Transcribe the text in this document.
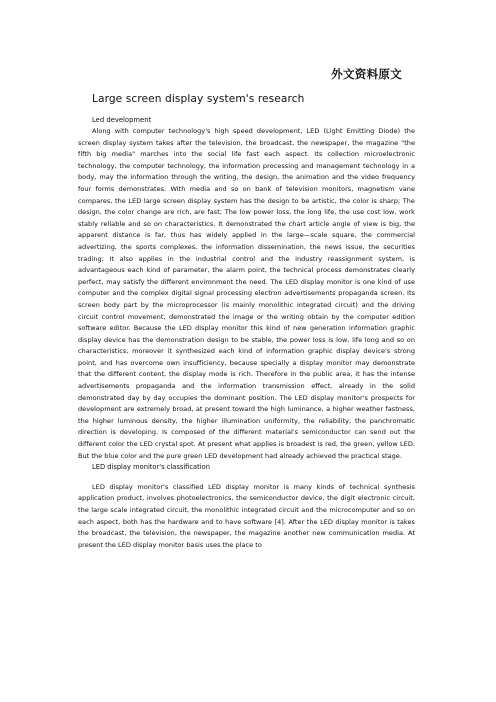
外文资料原文
Large screen display system's research
Led development

Along with computer technology's high speed development, LED (Light Emitting Diode) the screen display system takes after the television, the broadcast, the newspaper, the magazine "the fifth big media" marches into the social life fast each aspect. Its collection microelectronic technology, the computer technology, the information processing and management technology in a body, may the information through the writing, the design, the animation and the video frequency four forms demonstrates. With media and so on bank of television monitors, magnetism vane compares, the LED large screen display system has the design to be artistic, the color is sharp; The design, the color change are rich, are fast; The low power loss, the long life, the use cost low, work stably reliable and so on characteristics. It demonstrated the chart article angle of view is big, the apparent distance is far, thus has widely applied in the large—scale square, the commercial advertizing, the sports complexes, the information dissemination, the news issue, the securities trading; It also applies in the industrial control and the industry reassignment system, is advantageous each kind of parameter, the alarm point, the technical process demonstrates clearly perfect, may satisfy the different environment the need. The LED display monitor is one kind of use computer and the complex digital signal processing electron advertisements propaganda screen. Its screen body part by the microprocessor (is mainly monolithic integrated circuit) and the driving circuit control movement, demonstrated the image or the writing obtain by the computer edition software editor. Because the LED display monitor this kind of new generation information graphic display device has the demonstration design to be stable, the power loss is low, life long and so on characteristics, moreover it synthesized each kind of information graphic display device's strong point, and has overcome own insufficiency, because specially a display monitor may demonstrate that the different content, the display mode is rich. Therefore in the public area, it has the intense advertisements propaganda and the information transmission effect, already in the solid demonstrated day by day occupies the dominant position. The LED display monitor's prospects for development are extremely broad, at present toward the high luminance, a higher weather fastness, the higher luminous density, the higher illumination uniformity, the reliability, the panchromatic direction is developing. Is composed of the different material's semiconductor can send out the different color the LED crystal spot. At present what applies is broadest is red, the green, yellow LED. But the blue color and the pure green LED development had already achieved the practical stage.

LED display monitor's classification

LED display monitor's classified LED display monitor is many kinds of technical synthesis application product, involves photoelectronics, the semiconductor device, the digit electronic circuit, the large scale integrated circuit, the monolithic integrated circuit and the microcomputer and so on each aspect, both has the hardware and to have software [4]. After the LED display monitor is takes the broadcast, the television, the newspaper, the magazine another new communication media. At present the LED display monitor basis uses the place to
